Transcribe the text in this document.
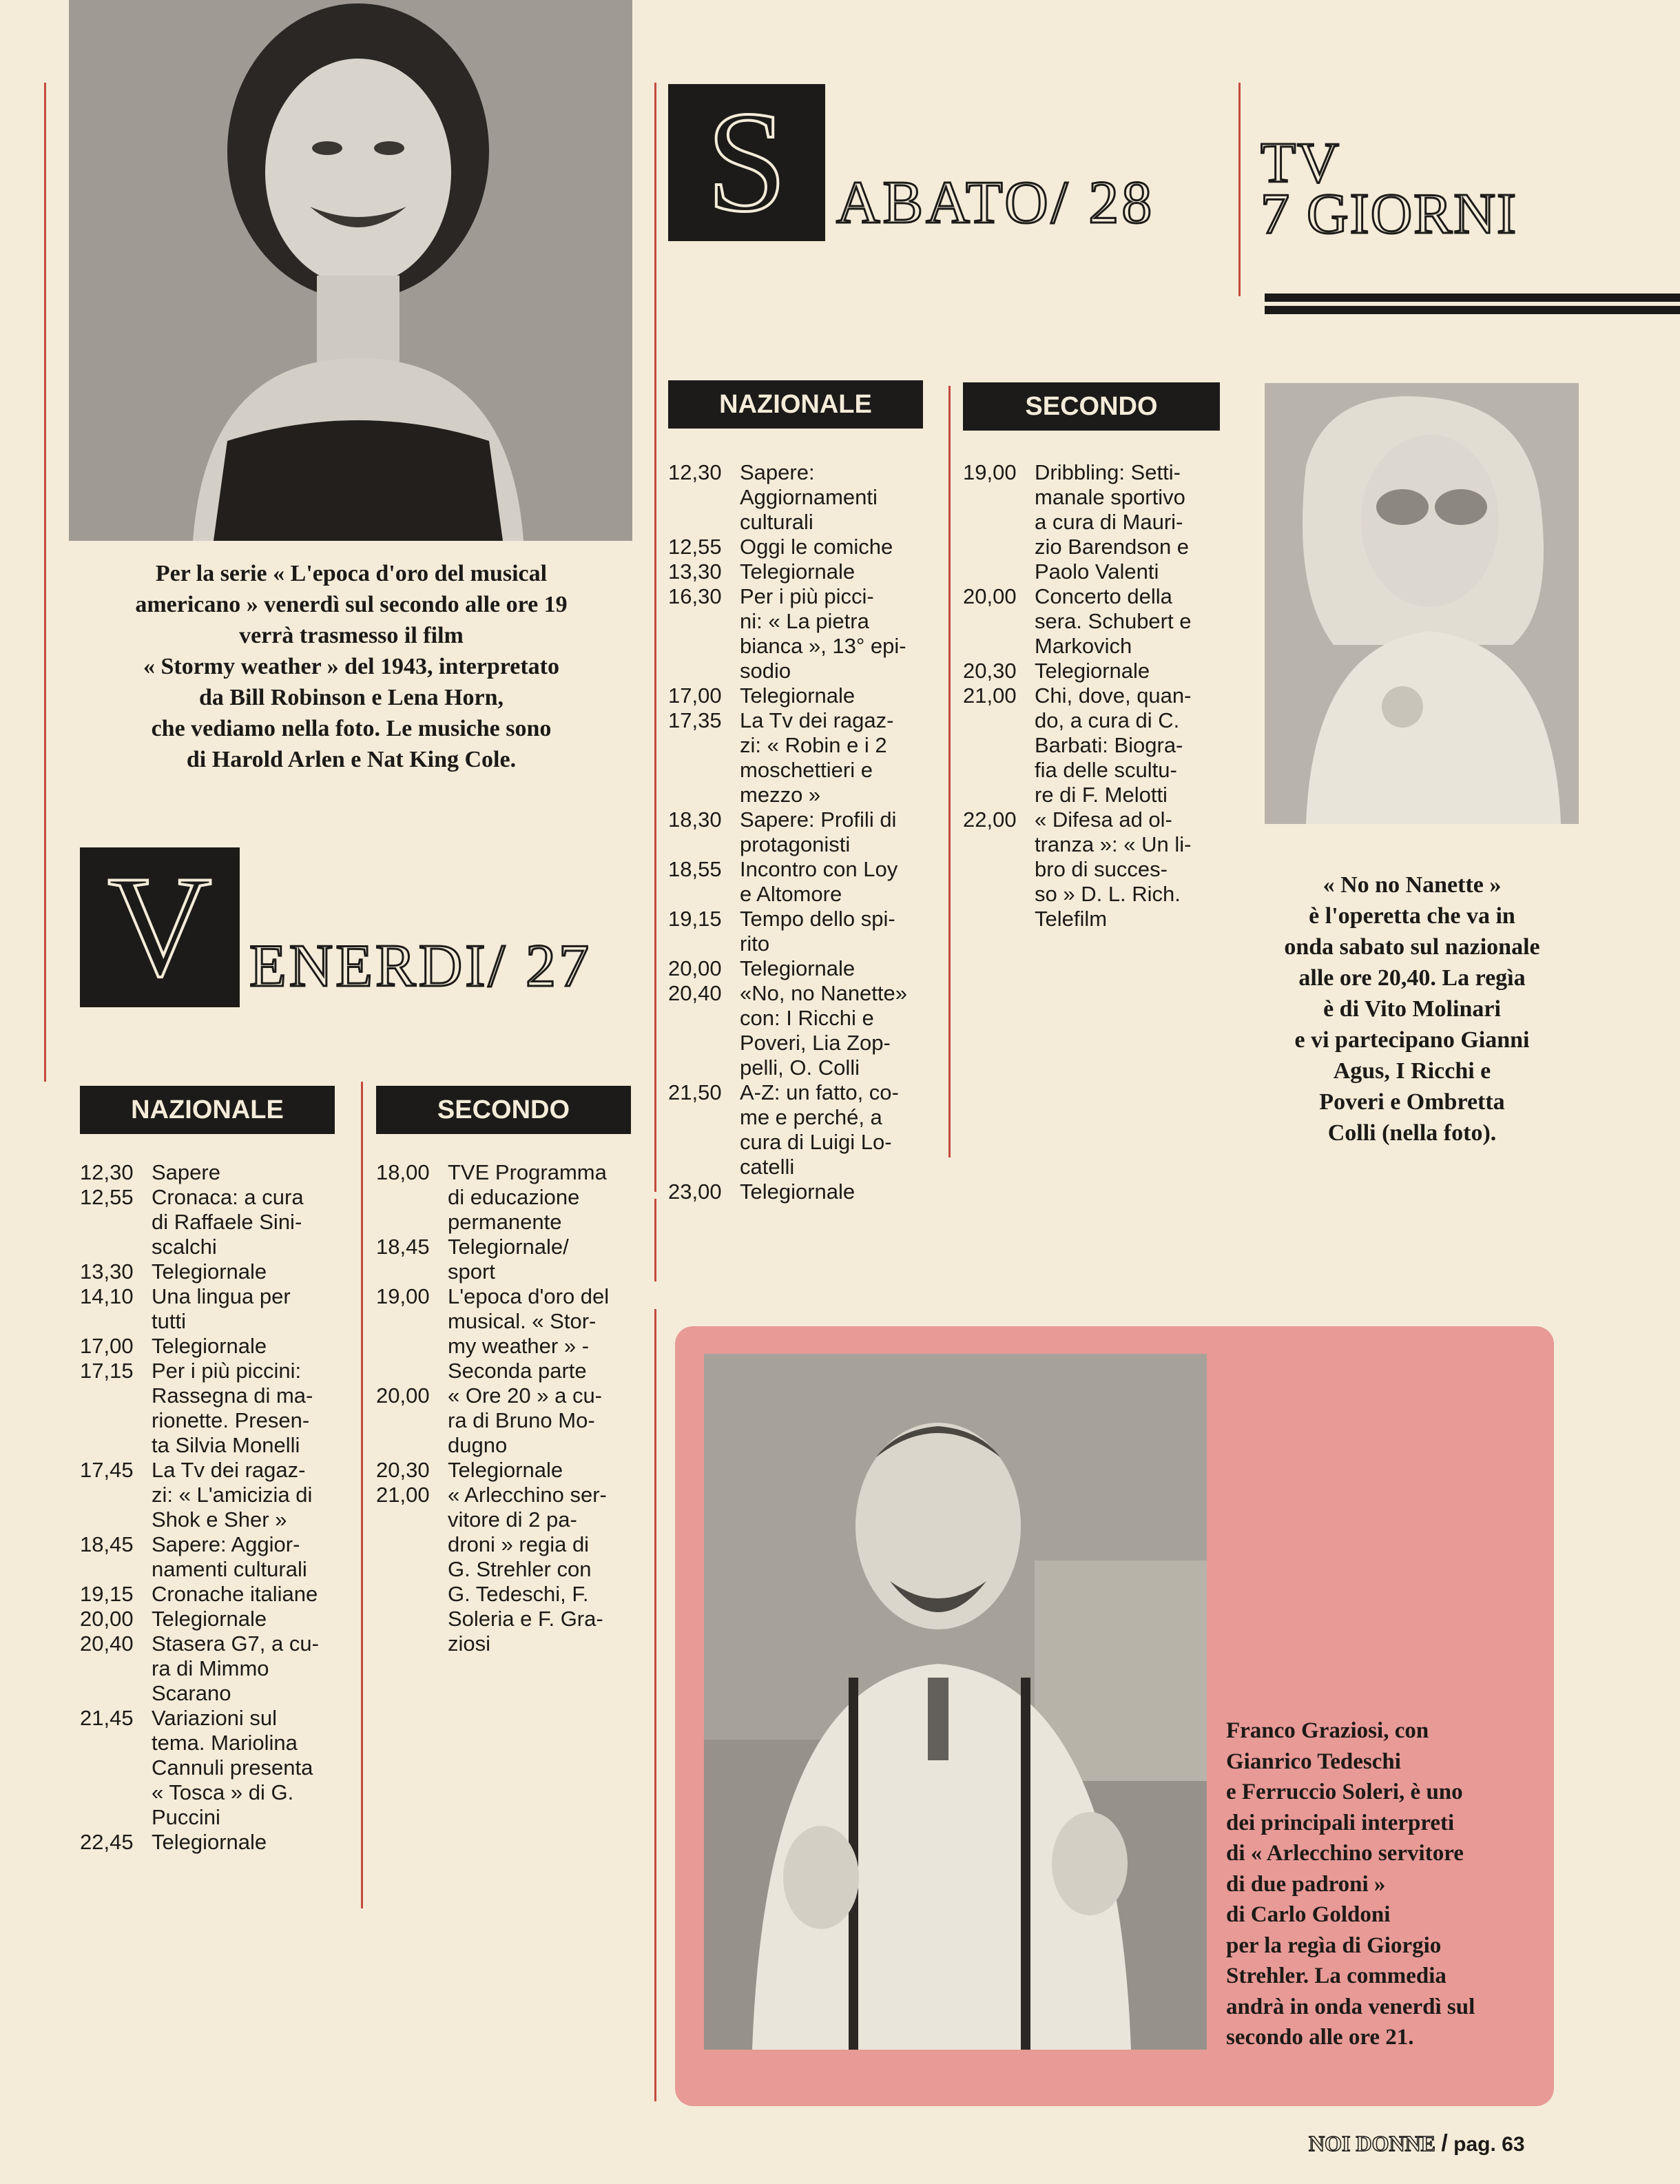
Per la serie « L'epoca d'oro del musical
americano » venerdì sul secondo alle ore 19
verrà trasmesso il film
« Stormy weather » del 1943, interpretato
da Bill Robinson e Lena Horn,
che vediamo nella foto. Le musiche sono
di Harold Arlen e Nat King Cole.
S ABATO/ 28
TV
7 GIORNI
NAZIONALE	SECONDO
12,30 Sapere:
Aggiornamenti
culturali
12,55 Oggi le comiche
13,30 Telegiornale
16,30 Per i più picci-
ni: « La pietra
bianca », 13° epi-
sodio
17,00 Telegiornale
17,35 La Tv dei ragaz-
zi: « Robin e i 2
moschettieri e
mezzo »
18,30 Sapere: Profili di
protagonisti
18,55 Incontro con Loy
e Altomore
19,15 Tempo dello spi-
rito
20,00 Telegiornale
20,40 «No, no Nanette»
con: I Ricchi e
Poveri, Lia Zop-
pelli, O. Colli
21,50 A-Z: un fatto, co-
me e perché, a
cura di Luigi Lo-
catelli
23,00 Telegiornale
19,00 Dribbling: Setti-
manale sportivo
a cura di Mauri-
zio Barendson e
Paolo Valenti
20,00 Concerto della
sera. Schubert e
Markovich
20,30 Telegiornale
21,00 Chi, dove, quan-
do, a cura di C.
Barbati: Biogra-
fia delle scultu-
re di F. Melotti
22,00 « Difesa ad ol-
tranza »: « Un li-
bro di succes-
so » D. L. Rich.
Telefilm
« No no Nanette »
è l'operetta che va in
onda sabato sul nazionale
alle ore 20,40. La regìa
è di Vito Molinari
e vi partecipano Gianni
Agus, I Ricchi e
Poveri e Ombretta
Colli (nella foto).
V ENERDI/ 27
NAZIONALE	SECONDO
12,30 Sapere
12,55 Cronaca: a cura
di Raffaele Sini-
scalchi
13,30 Telegiornale
14,10 Una lingua per
tutti
17,00 Telegiornale
17,15 Per i più piccini:
Rassegna di ma-
rionette. Presen-
ta Silvia Monelli
17,45 La Tv dei ragaz-
zi: « L'amicizia di
Shok e Sher »
18,45 Sapere: Aggior-
namenti culturali
19,15 Cronache italiane
20,00 Telegiornale
20,40 Stasera G7, a cu-
ra di Mimmo
Scarano
21,45 Variazioni sul
tema. Mariolina
Cannuli presenta
« Tosca » di G.
Puccini
22,45 Telegiornale
18,00 TVE Programma
di educazione
permanente
18,45 Telegiornale/
sport
19,00 L'epoca d'oro del
musical. « Stor-
my weather » -
Seconda parte
20,00 « Ore 20 » a cu-
ra di Bruno Mo-
dugno
20,30 Telegiornale
21,00 « Arlecchino ser-
vitore di 2 pa-
droni » regia di
G. Strehler con
G. Tedeschi, F.
Soleria e F. Gra-
ziosi
Franco Graziosi, con
Gianrico Tedeschi
e Ferruccio Soleri, è uno
dei principali interpreti
di « Arlecchino servitore
di due padroni »
di Carlo Goldoni
per la regìa di Giorgio
Strehler. La commedia
andrà in onda venerdì sul
secondo alle ore 21.
NOI DONNE / pag. 63
